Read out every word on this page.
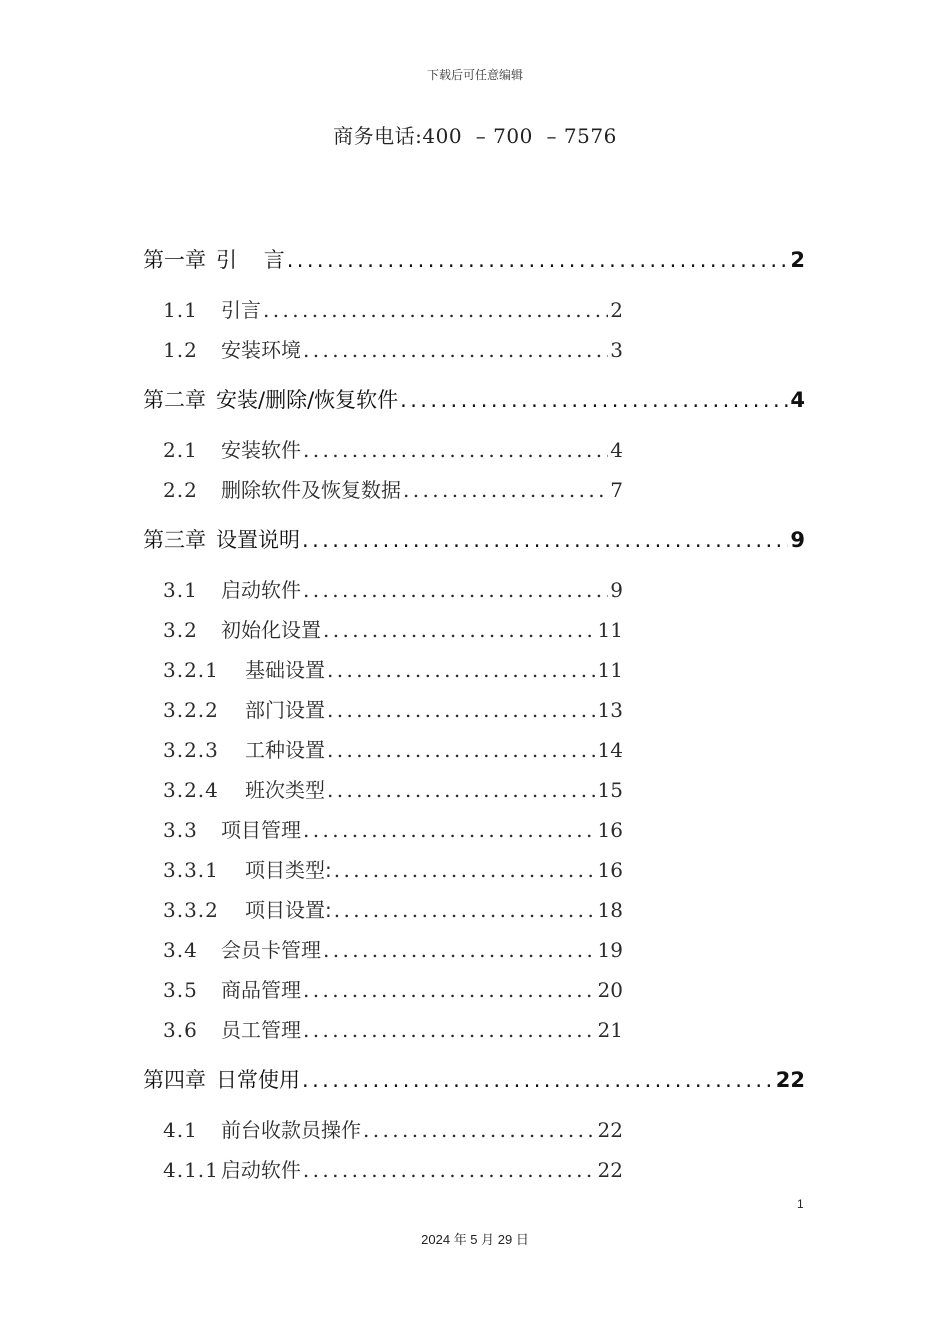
下载后可任意编辑
商务电话:400  – 700  – 7576
第一章 引    言 .....	2
1.1 引言 .....	2
1.2 安装环境 .....	3
第二章 安装/删除/恢复软件 .....	4
2.1 安装软件 .....	4
2.2 删除软件及恢复数据 .....	7
第三章 设置说明 .....	9
3.1 启动软件 .....	9
3.2 初始化设置 .....	11
3.2.1 基础设置 .....	11
3.2.2 部门设置 .....	13
3.2.3 工种设置 .....	14
3.2.4 班次类型 .....	15
3.3 项目管理 .....	16
3.3.1 项目类型: .....	16
3.3.2 项目设置: .....	18
3.4 会员卡管理 .....	19
3.5 商品管理 .....	20
3.6 员工管理 .....	21
第四章 日常使用 .....	22
4.1 前台收款员操作 .....	22
4.1.1 启动软件 .....	22
1
2024 年 5 月 29 日
